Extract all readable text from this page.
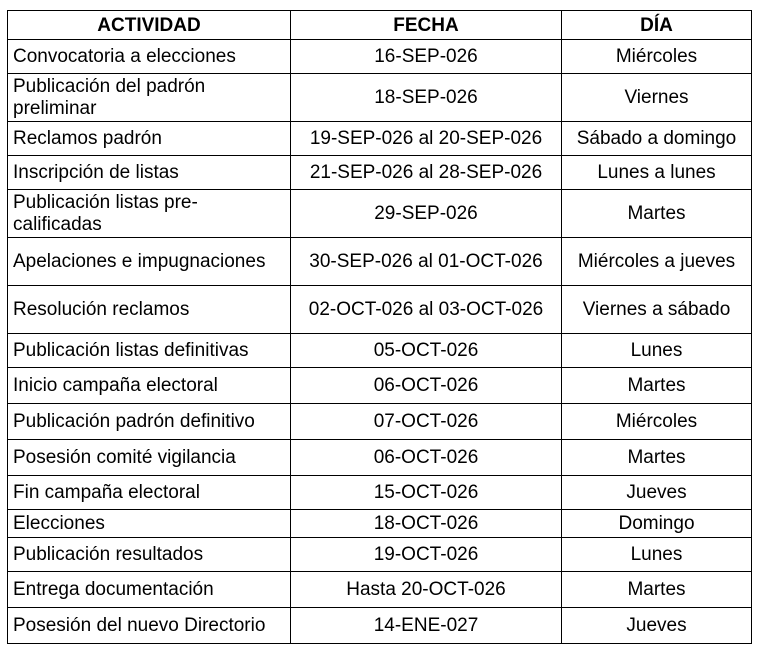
ACTIVIDAD	FECHA	DÍA
Convocatoria a elecciones	16-SEP-026	Miércoles
Publicación del padrón preliminar	18-SEP-026	Viernes
Reclamos padrón	19-SEP-026 al 20-SEP-026	Sábado a domingo
Inscripción de listas	21-SEP-026 al 28-SEP-026	Lunes a lunes
Publicación listas pre-calificadas	29-SEP-026	Martes
Apelaciones e impugnaciones	30-SEP-026 al 01-OCT-026	Miércoles a jueves
Resolución reclamos	02-OCT-026 al 03-OCT-026	Viernes a sábado
Publicación listas definitivas	05-OCT-026	Lunes
Inicio campaña electoral	06-OCT-026	Martes
Publicación padrón definitivo	07-OCT-026	Miércoles
Posesión comité vigilancia	06-OCT-026	Martes
Fin campaña electoral	15-OCT-026	Jueves
Elecciones	18-OCT-026	Domingo
Publicación resultados	19-OCT-026	Lunes
Entrega documentación	Hasta 20-OCT-026	Martes
Posesión del nuevo Directorio	14-ENE-027	Jueves
